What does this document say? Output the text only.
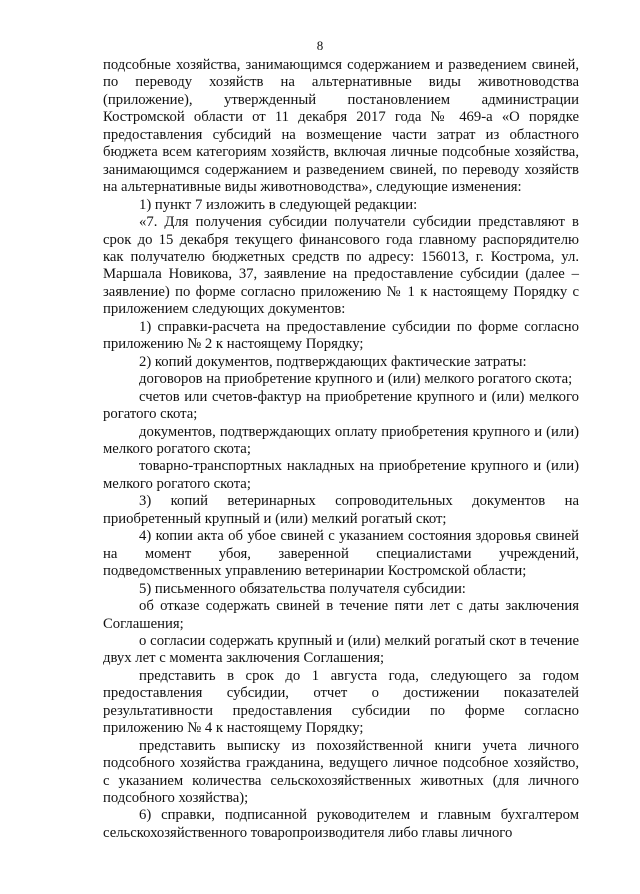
8

подсобные хозяйства, занимающимся содержанием и разведением свиней, по переводу хозяйств на альтернативные виды животноводства (приложение), утвержденный постановлением администрации Костромской области от 11 декабря 2017 года № 469-а «О порядке предоставления субсидий на возмещение части затрат из областного бюджета всем категориям хозяйств, включая личные подсобные хозяйства, занимающимся содержанием и разведением свиней, по переводу хозяйств на альтернативные виды животноводства», следующие изменения:

1) пункт 7 изложить в следующей редакции:

«7. Для получения субсидии получатели субсидии представляют в срок до 15 декабря текущего финансового года главному распорядителю как получателю бюджетных средств по адресу: 156013, г. Кострома, ул. Маршала Новикова, 37, заявление на предоставление субсидии (далее – заявление) по форме согласно приложению № 1 к настоящему Порядку с приложением следующих документов:

1) справки-расчета на предоставление субсидии по форме согласно приложению № 2 к настоящему Порядку;

2) копий документов, подтверждающих фактические затраты:

договоров на приобретение крупного и (или) мелкого рогатого скота;

счетов или счетов-фактур на приобретение крупного и (или) мелкого рогатого скота;

документов, подтверждающих оплату приобретения крупного и (или) мелкого рогатого скота;

товарно-транспортных накладных на приобретение крупного и (или) мелкого рогатого скота;

3) копий ветеринарных сопроводительных документов на приобретенный крупный и (или) мелкий рогатый скот;

4) копии акта об убое свиней с указанием состояния здоровья свиней на момент убоя, заверенной специалистами учреждений, подведомственных управлению ветеринарии Костромской области;

5) письменного обязательства получателя субсидии:

об отказе содержать свиней в течение пяти лет с даты заключения Соглашения;

о согласии содержать крупный и (или) мелкий рогатый скот в течение двух лет с момента заключения Соглашения;

представить в срок до 1 августа года, следующего за годом предоставления субсидии, отчет о достижении показателей результативности предоставления субсидии по форме согласно приложению № 4 к настоящему Порядку;

представить выписку из похозяйственной книги учета личного подсобного хозяйства гражданина, ведущего личное подсобное хозяйство, с указанием количества сельскохозяйственных животных (для личного подсобного хозяйства);

6) справки, подписанной руководителем и главным бухгалтером сельскохозяйственного товаропроизводителя либо главы личного
